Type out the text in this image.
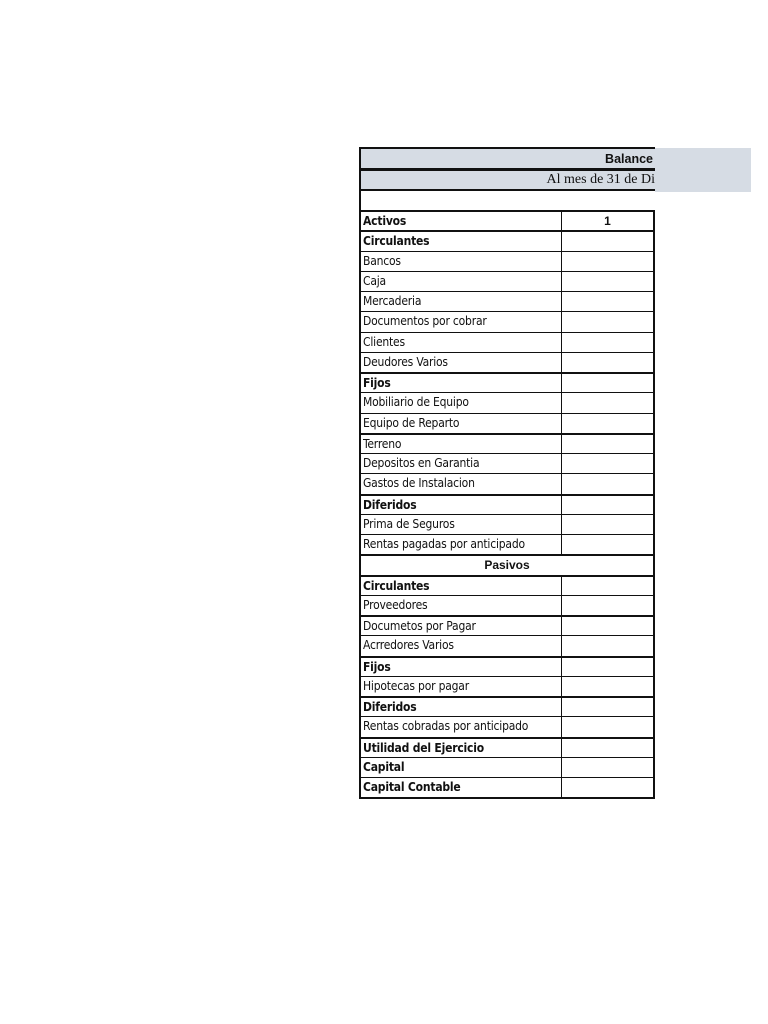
Balance
Al mes de 31 de Di
Activos	1
Circulantes
Bancos
Caja
Mercaderia
Documentos por cobrar
Clientes
Deudores Varios
Fijos
Mobiliario de Equipo
Equipo de Reparto
Terreno
Depositos en Garantia
Gastos de Instalacion
Diferidos
Prima de Seguros
Rentas pagadas por anticipado
Pasivos
Circulantes
Proveedores
Documetos por Pagar
Acrredores Varios
Fijos
Hipotecas por pagar
Diferidos
Rentas cobradas por anticipado
Utilidad del Ejercicio
Capital
Capital Contable
